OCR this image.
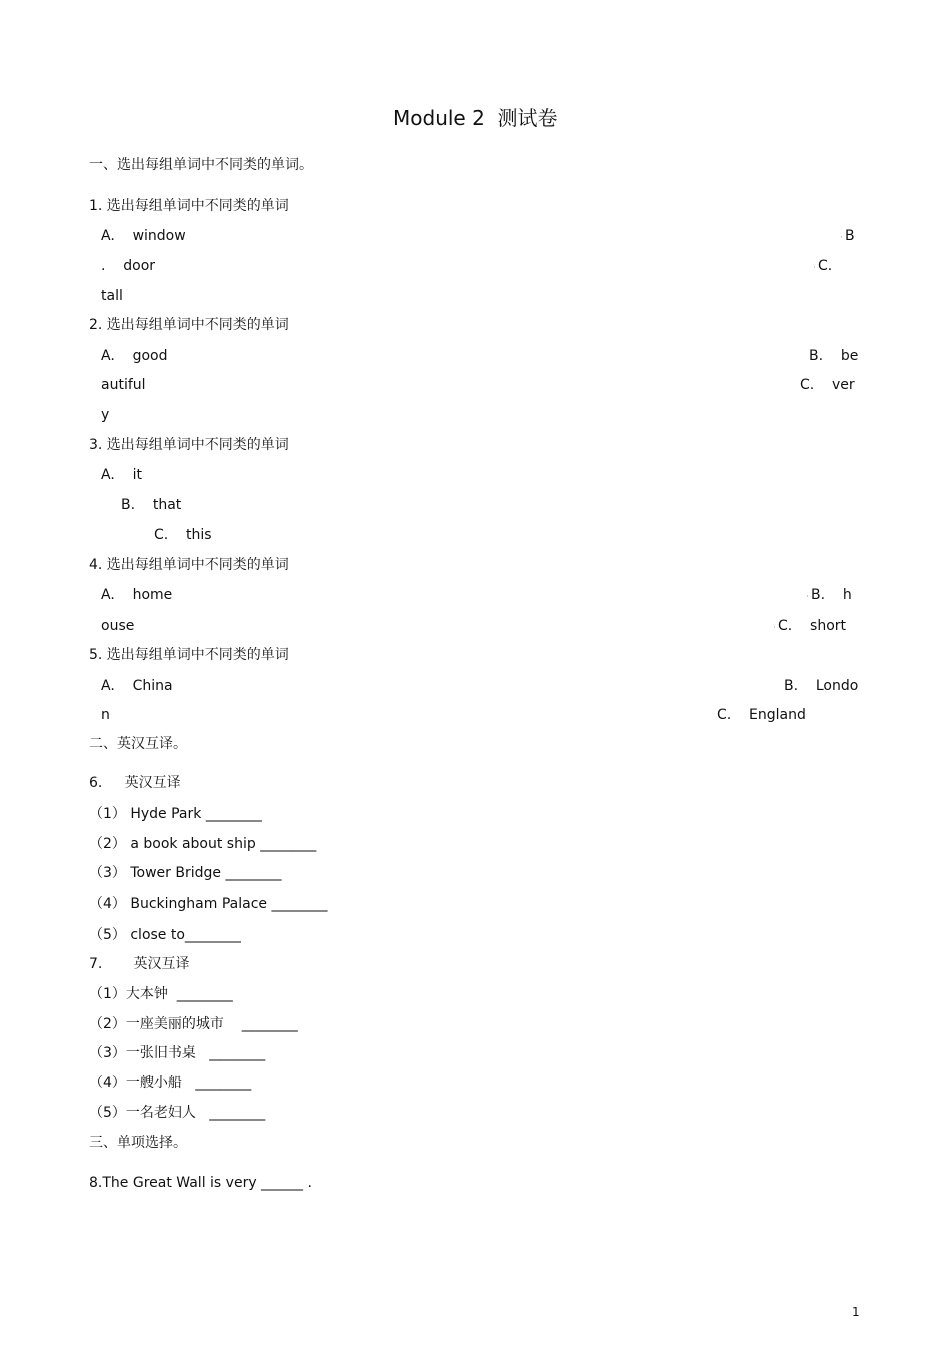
Module 2  测试卷
一、选出每组单词中不同类的单词。
1. 选出每组单词中不同类的单词
A.    window	· B
.    door	· C.
tall
2. 选出每组单词中不同类的单词
A.    good	B.    be
autiful	C.    ver
y
3. 选出每组单词中不同类的单词
A.    it
B.    that
C.    this
4. 选出每组单词中不同类的单词
A.    home	· B.    h
ouse	· C.    short
5. 选出每组单词中不同类的单词
A.    China	B.    Londo
n	C.    England
二、英汉互译。
6.     英汉互译
（1） Hyde Park ________
（2） a book about ship ________
（3） Tower Bridge ________
（4） Buckingham Palace ________
（5） close to________
7.       英汉互译
（1）大本钟  ________
（2）一座美丽的城市    ________
（3）一张旧书桌   ________
（4）一艘小船   ________
（5）一名老妇人   ________
三、单项选择。
8.The Great Wall is very ______ .
1
